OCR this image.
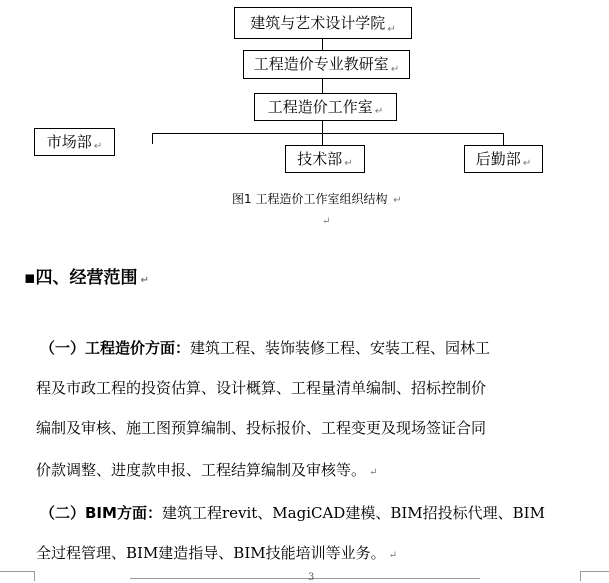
建筑与艺术设计学院 ↵
工程造价专业教研室 ↵
工程造价工作室 ↵
市场部 ↵
技术部 ↵	后勤部 ↵
图1 工程造价工作室组织结构 ↵
↵
▪四、经营范围 ↵
（一）工程造价方面：建筑工程、装饰装修工程、安装工程、园林工
程及市政工程的投资估算、设计概算、工程量清单编制、招标控制价
编制及审核、施工图预算编制、投标报价、工程变更及现场签证合同
价款调整、进度款申报、工程结算编制及审核等。 ↵
（二）BIM方面：建筑工程revit、MagiCAD建模、BIM招投标代理、BIM
全过程管理、BIM建造指导、BIM技能培训等业务。 ↵
3
